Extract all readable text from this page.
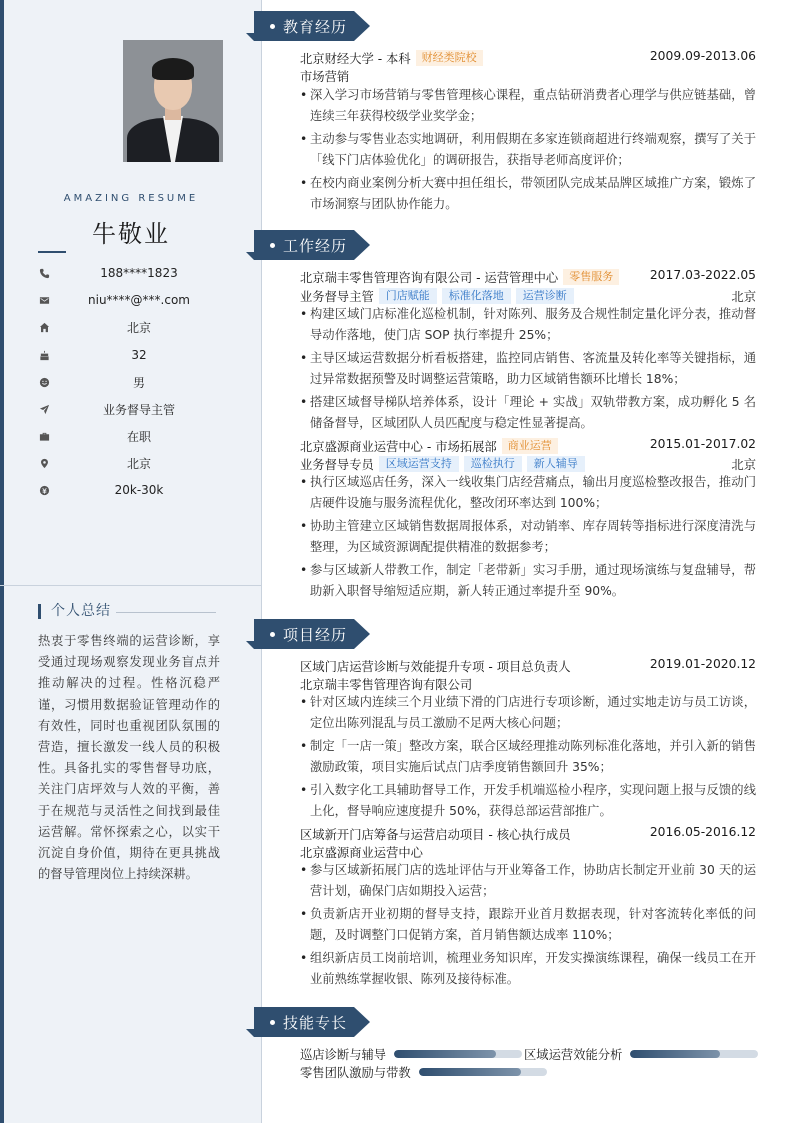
AMAZING RESUME
牛敬业
188****1823
niu****@***.com
北京
32
男
业务督导主管
在职
北京
20k-30k
个人总结
热衷于零售终端的运营诊断，享受通过现场观察发现业务盲点并推动解决的过程。性格沉稳严谨，习惯用数据验证管理动作的有效性，同时也重视团队氛围的营造，擅长激发一线人员的积极性。具备扎实的零售督导功底，关注门店坪效与人效的平衡，善于在规范与灵活性之间找到最佳运营解。常怀探索之心，以实干沉淀自身价值，期待在更具挑战的督导管理岗位上持续深耕。
教育经历
北京财经大学 - 本科	财经类院校	2009.09-2013.06
市场营销
• 深入学习市场营销与零售管理核心课程，重点钻研消费者心理学与供应链基础，曾连续三年获得校级学业奖学金；
• 主动参与零售业态实地调研，利用假期在多家连锁商超进行终端观察，撰写了关于「线下门店体验优化」的调研报告，获指导老师高度评价；
• 在校内商业案例分析大赛中担任组长，带领团队完成某品牌区域推广方案，锻炼了市场洞察与团队协作能力。
工作经历
北京瑞丰零售管理咨询有限公司 - 运营管理中心	零售服务	2017.03-2022.05
业务督导主管	门店赋能	标准化落地	运营诊断	北京
• 构建区域门店标准化巡检机制，针对陈列、服务及合规性制定量化评分表，推动督导动作落地，使门店 SOP 执行率提升 25%；
• 主导区域运营数据分析看板搭建，监控同店销售、客流量及转化率等关键指标，通过异常数据预警及时调整运营策略，助力区域销售额环比增长 18%；
• 搭建区域督导梯队培养体系，设计「理论 + 实战」双轨带教方案，成功孵化 5 名储备督导，区域团队人员匹配度与稳定性显著提高。
北京盛源商业运营中心 - 市场拓展部	商业运营	2015.01-2017.02
业务督导专员	区域运营支持	巡检执行	新人辅导	北京
• 执行区域巡店任务，深入一线收集门店经营痛点，输出月度巡检整改报告，推动门店硬件设施与服务流程优化，整改闭环率达到 100%；
• 协助主管建立区域销售数据周报体系，对动销率、库存周转等指标进行深度清洗与整理，为区域资源调配提供精准的数据参考；
• 参与区域新人带教工作，制定「老带新」实习手册，通过现场演练与复盘辅导，帮助新入职督导缩短适应期，新人转正通过率提升至 90%。
项目经历
区域门店运营诊断与效能提升专项 - 项目总负责人	2019.01-2020.12
北京瑞丰零售管理咨询有限公司
• 针对区域内连续三个月业绩下滑的门店进行专项诊断，通过实地走访与员工访谈，定位出陈列混乱与员工激励不足两大核心问题；
• 制定「一店一策」整改方案，联合区域经理推动陈列标准化落地，并引入新的销售激励政策，项目实施后试点门店季度销售额回升 35%；
• 引入数字化工具辅助督导工作，开发手机端巡检小程序，实现问题上报与反馈的线上化，督导响应速度提升 50%，获得总部运营部推广。
区域新开门店筹备与运营启动项目 - 核心执行成员	2016.05-2016.12
北京盛源商业运营中心
• 参与区域新拓展门店的选址评估与开业筹备工作，协助店长制定开业前 30 天的运营计划，确保门店如期投入运营；
• 负责新店开业初期的督导支持，跟踪开业首月数据表现，针对客流转化率低的问题，及时调整门口促销方案，首月销售额达成率 110%；
• 组织新店员工岗前培训，梳理业务知识库，开发实操演练课程，确保一线员工在开业前熟练掌握收银、陈列及接待标准。
技能专长
巡店诊断与辅导	区域运营效能分析
零售团队激励与带教
